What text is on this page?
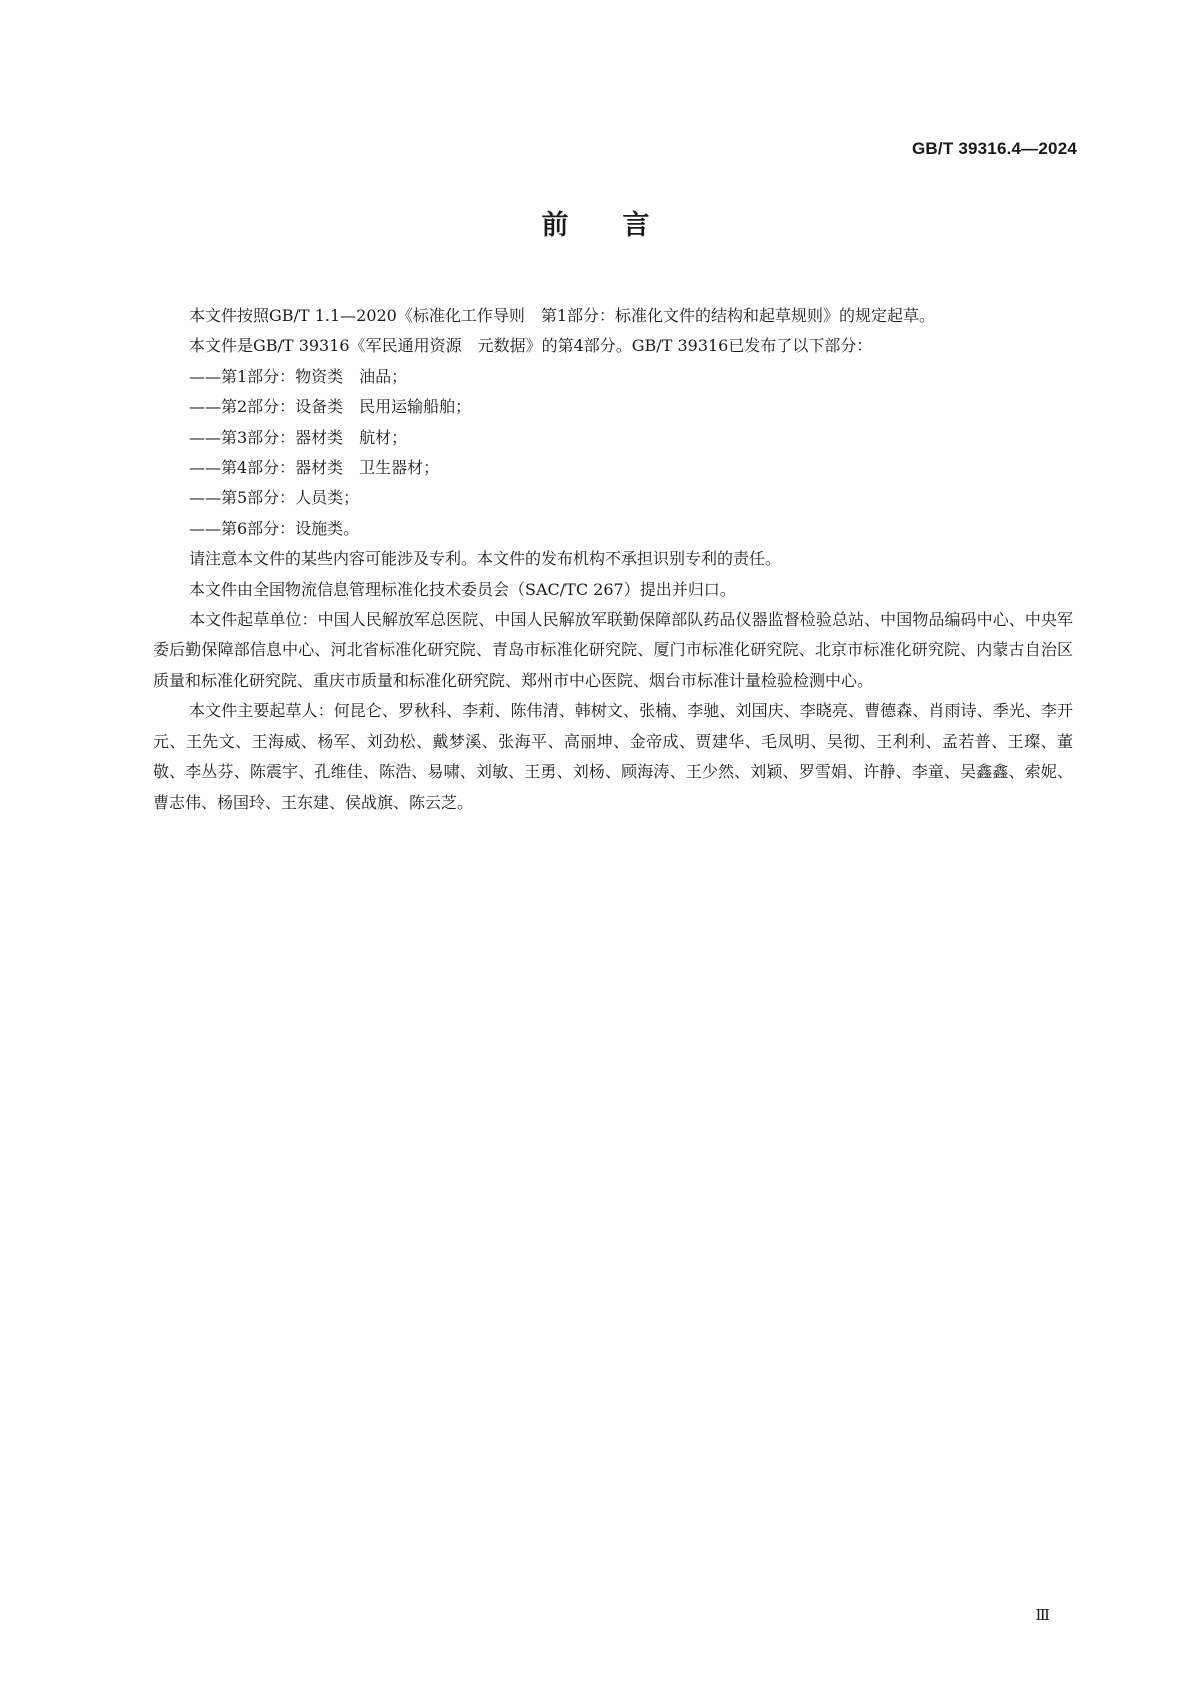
GB/T 39316.4—2024
前言

本文件按照GB/T 1.1—2020《标准化工作导则　第1部分：标准化文件的结构和起草规则》的规定起草。

本文件是GB/T 39316《军民通用资源　元数据》的第4部分。GB/T 39316已发布了以下部分：

——第1部分：物资类　油品；
——第2部分：设备类　民用运输船舶；
——第3部分：器材类　航材；
——第4部分：器材类　卫生器材；
——第5部分：人员类；
——第6部分：设施类。

请注意本文件的某些内容可能涉及专利。本文件的发布机构不承担识别专利的责任。

本文件由全国物流信息管理标准化技术委员会（SAC/TC 267）提出并归口。

本文件起草单位：中国人民解放军总医院、中国人民解放军联勤保障部队药品仪器监督检验总站、中国物品编码中心、中央军委后勤保障部信息中心、河北省标准化研究院、青岛市标准化研究院、厦门市标准化研究院、北京市标准化研究院、内蒙古自治区质量和标准化研究院、重庆市质量和标准化研究院、郑州市中心医院、烟台市标准计量检验检测中心。

本文件主要起草人：何昆仑、罗秋科、李莉、陈伟清、韩树文、张楠、李驰、刘国庆、李晓亮、曹德森、肖雨诗、季光、李开元、王先文、王海威、杨军、刘劲松、戴梦溪、张海平、高丽坤、金帝成、贾建华、毛凤明、吴彻、王利利、孟若普、王璨、董敬、李丛芬、陈震宇、孔维佳、陈浩、易啸、刘敏、王勇、刘杨、顾海涛、王少然、刘颖、罗雪娟、许静、李童、吴鑫鑫、索妮、曹志伟、杨国玲、王东建、侯战旗、陈云芝。

Ⅲ
